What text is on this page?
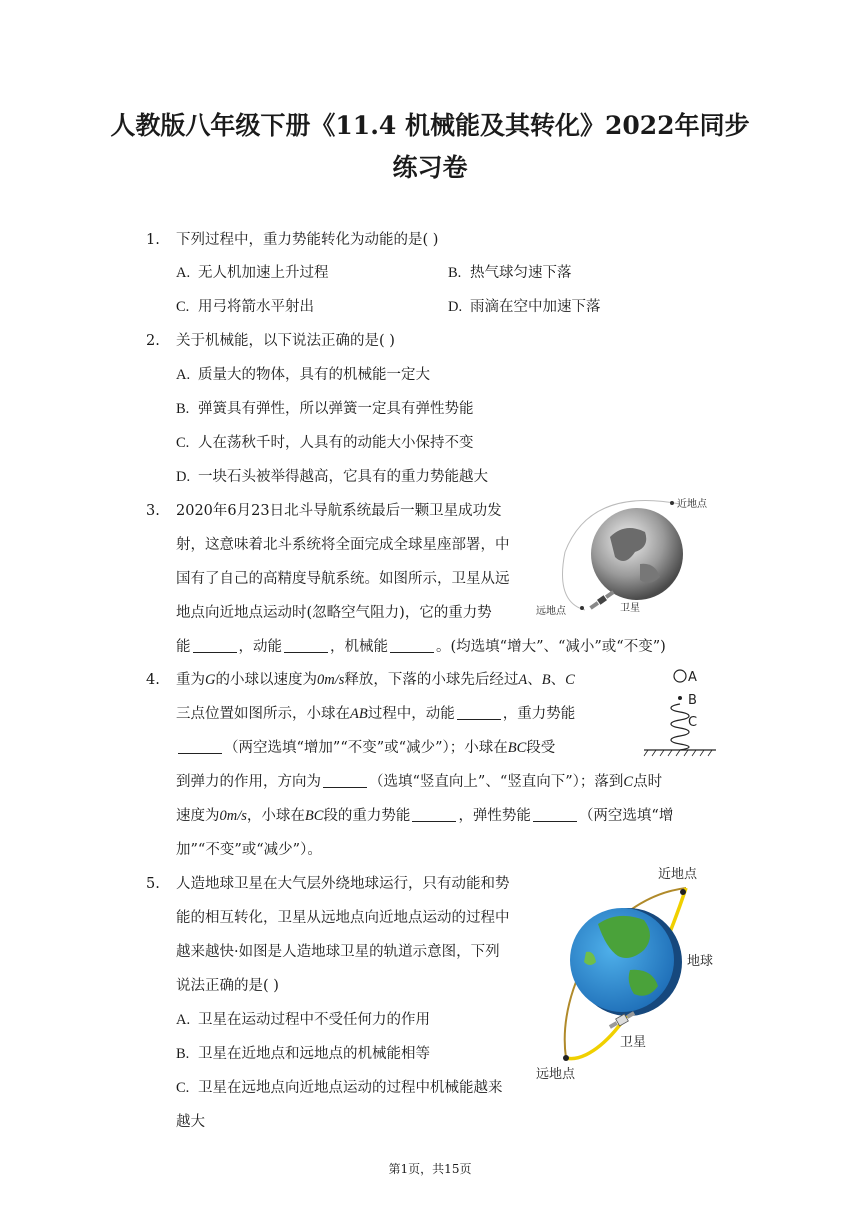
人教版八年级下册《11.4 机械能及其转化》2022年同步
练习卷
1. 下列过程中，重力势能转化为动能的是( )
A. 无人机加速上升过程	B. 热气球匀速下落
C. 用弓将箭水平射出	D. 雨滴在空中加速下落
2. 关于机械能，以下说法正确的是( )
A. 质量大的物体，具有的机械能一定大
B. 弹簧具有弹性，所以弹簧一定具有弹性势能
C. 人在荡秋千时，人具有的动能大小保持不变
D. 一块石头被举得越高，它具有的重力势能越大
3. 2020年6月23日北斗导航系统最后一颗卫星成功发
射，这意味着北斗系统将全面完成全球星座部署，中
国有了自己的高精度导航系统。如图所示，卫星从远
地点向近地点运动时(忽略空气阻力)，它的重力势
能	，动能	，机械能	。(均选填“增大”、“减小”或“不变”)
近地点
远地点	卫星
4. 重为G的小球以速度为0m/s释放，下落的小球先后经过A、B、C
三点位置如图所示，小球在AB过程中，动能	，重力势能
（两空选填“增加”“不变”或“减少”）；小球在BC段受
到弹力的作用，方向为	（选填“竖直向上”、“竖直向下”）；落到C点时
速度为0m/s，小球在BC段的重力势能	，弹性势能	（两空选填“增
加”“不变”或“减少”）。
A
B
C
5. 人造地球卫星在大气层外绕地球运行，只有动能和势
能的相互转化，卫星从远地点向近地点运动的过程中
越来越快·如图是人造地球卫星的轨道示意图，下列
说法正确的是( )
A. 卫星在运动过程中不受任何力的作用
B. 卫星在近地点和远地点的机械能相等
C. 卫星在远地点向近地点运动的过程中机械能越来
越大
近地点
地球
卫星
远地点
第1页，共15页
